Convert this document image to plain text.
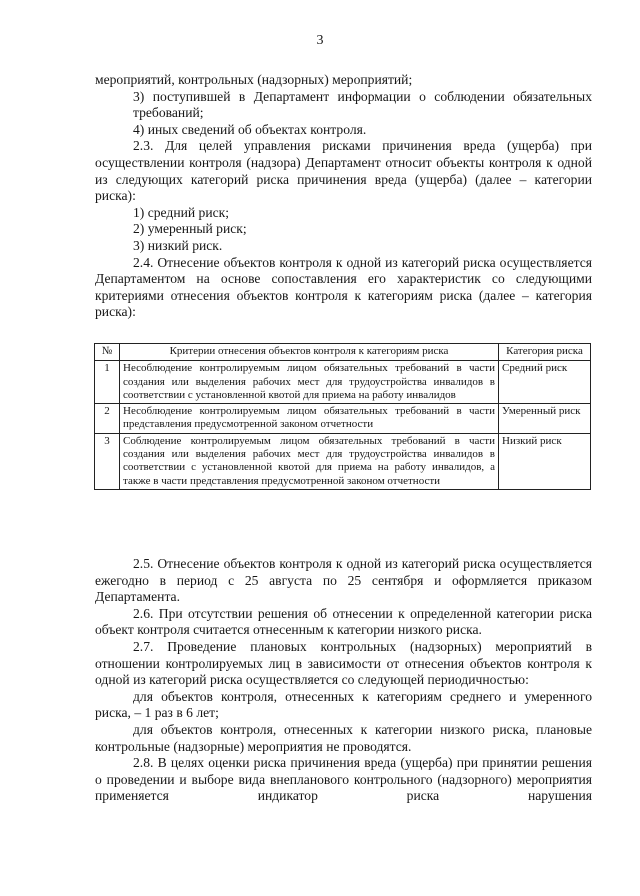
3

мероприятий, контрольных (надзорных) мероприятий;

3) поступившей в Департамент информации о соблюдении обязательных требований;

4) иных сведений об объектах контроля.

2.3. Для целей управления рисками причинения вреда (ущерба) при осуществлении контроля (надзора) Департамент относит объекты контроля к одной из следующих категорий риска причинения вреда (ущерба) (далее – категории риска):

1) средний риск;

2) умеренный риск;

3) низкий риск.

2.4. Отнесение объектов контроля к одной из категорий риска осуществляется Департаментом на основе сопоставления его характеристик со следующими критериями отнесения объектов контроля к категориям риска (далее – категория риска):

№	Критерии отнесения объектов контроля к категориям риска	Категория риска
1	Несоблюдение контролируемым лицом обязательных требований в части создания или выделения рабочих мест для трудоустройства инвалидов в соответствии с установленной квотой для приема на работу инвалидов	Средний риск
2	Несоблюдение контролируемым лицом обязательных требований в части представления предусмотренной законом отчетности	Умеренный риск
3	Соблюдение контролируемым лицом обязательных требований в части создания или выделения рабочих мест для трудоустройства инвалидов в соответствии с установленной квотой для приема на работу инвалидов, а также в части представления предусмотренной законом отчетности	Низкий риск

2.5. Отнесение объектов контроля к одной из категорий риска осуществляется ежегодно в период с 25 августа по 25 сентября и оформляется приказом Департамента.

2.6. При отсутствии решения об отнесении к определенной категории риска объект контроля считается отнесенным к категории низкого риска.

2.7. Проведение плановых контрольных (надзорных) мероприятий в отношении контролируемых лиц в зависимости от отнесения объектов контроля к одной из категорий риска осуществляется со следующей периодичностью:

для объектов контроля, отнесенных к категориям среднего и умеренного риска, – 1 раз в 6 лет;

для объектов контроля, отнесенных к категории низкого риска, плановые контрольные (надзорные) мероприятия не проводятся.

2.8. В целях оценки риска причинения вреда (ущерба) при принятии решения о проведении и выборе вида внепланового контрольного (надзорного) мероприятия применяется индикатор риска нарушения
